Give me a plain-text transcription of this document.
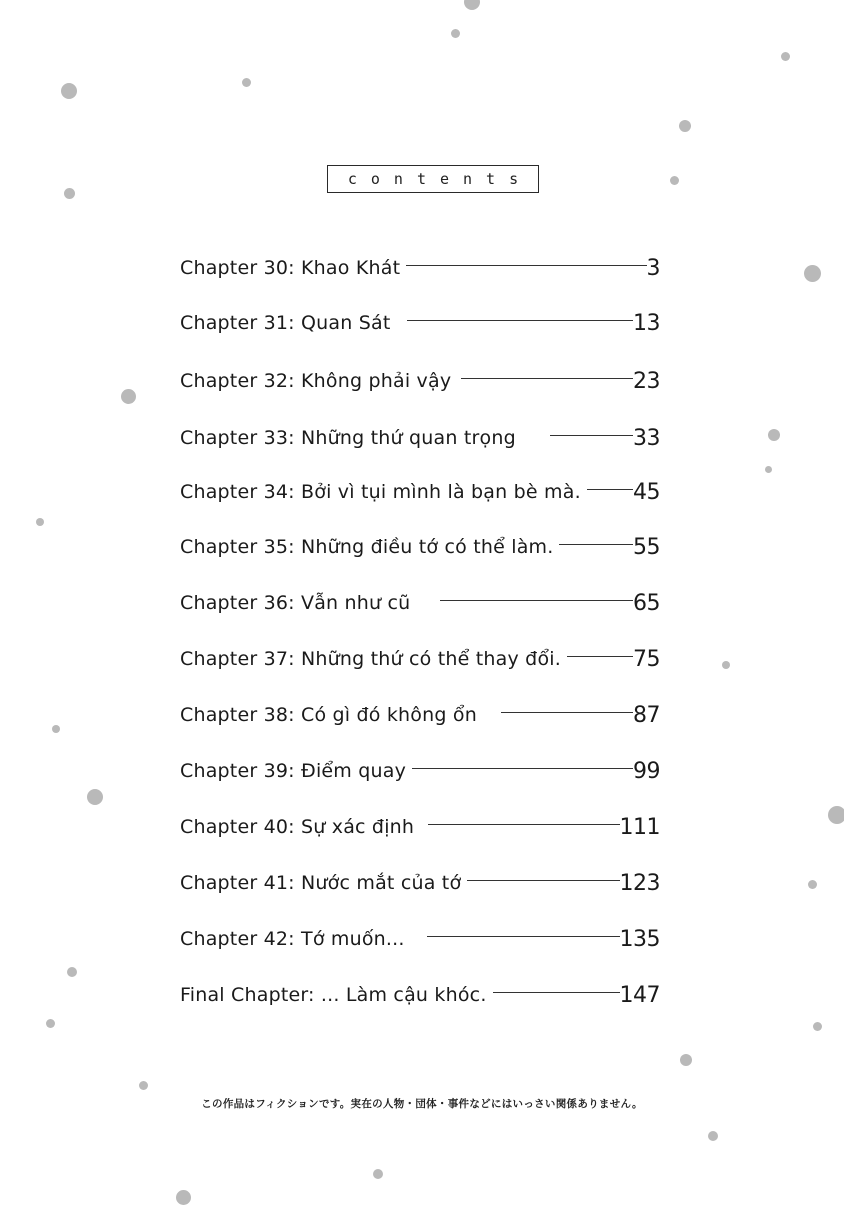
contents
Chapter 30: Khao Khát	3
Chapter 31: Quan Sát	13
Chapter 32: Không phải vậy	23
Chapter 33: Những thứ quan trọng	33
Chapter 34: Bởi vì tụi mình là bạn bè mà. 45
Chapter 35: Những điều tớ có thể làm.	55
Chapter 36: Vẫn như cũ	65
Chapter 37: Những thứ có thể thay đổi.	75
Chapter 38: Có gì đó không ổn	87
Chapter 39: Điểm quay	99
Chapter 40: Sự xác định	111
Chapter 41: Nước mắt của tớ	123
Chapter 42: Tớ muốn...	135
Final Chapter: ... Làm cậu khóc.	147
この作品はフィクションです。実在の人物・団体・事件などにはいっさい関係ありません。
